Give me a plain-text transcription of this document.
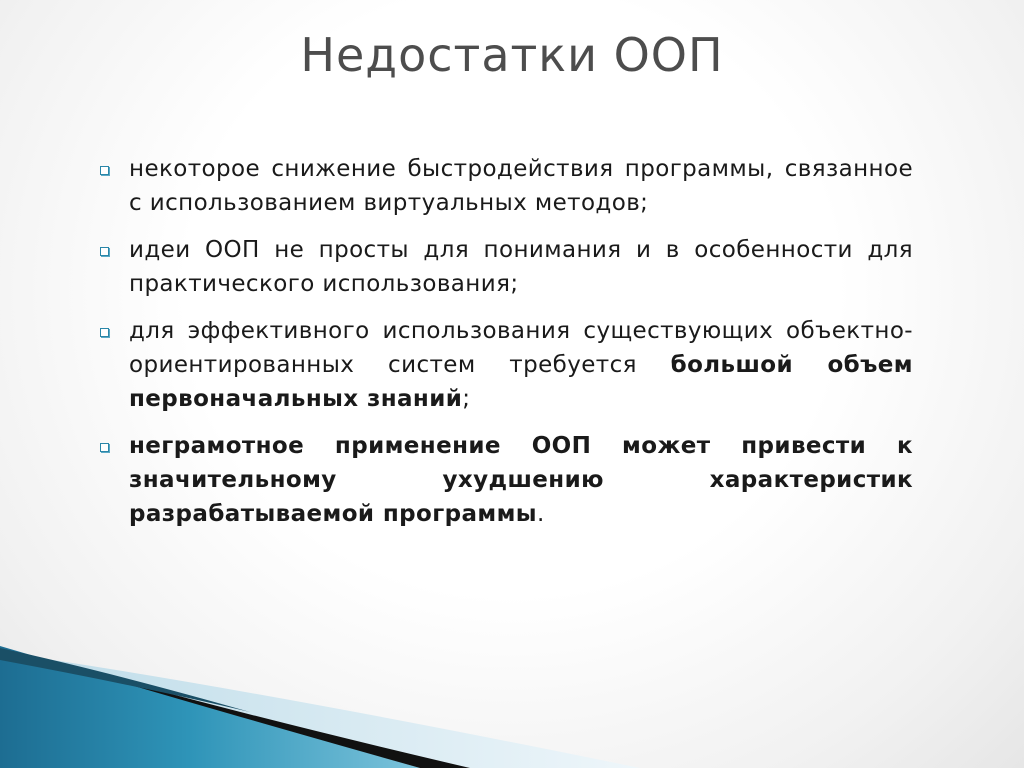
Недостатки ООП
некоторое снижение быстродействия программы, связанное с использованием виртуальных методов;
идеи ООП не просты для понимания и в особенности для практического использования;
для эффективного использования существующих объектно-ориентированных систем требуется большой объем первоначальных знаний;
неграмотное применение ООП может привести к значительному ухудшению характеристик разрабатываемой программы.
